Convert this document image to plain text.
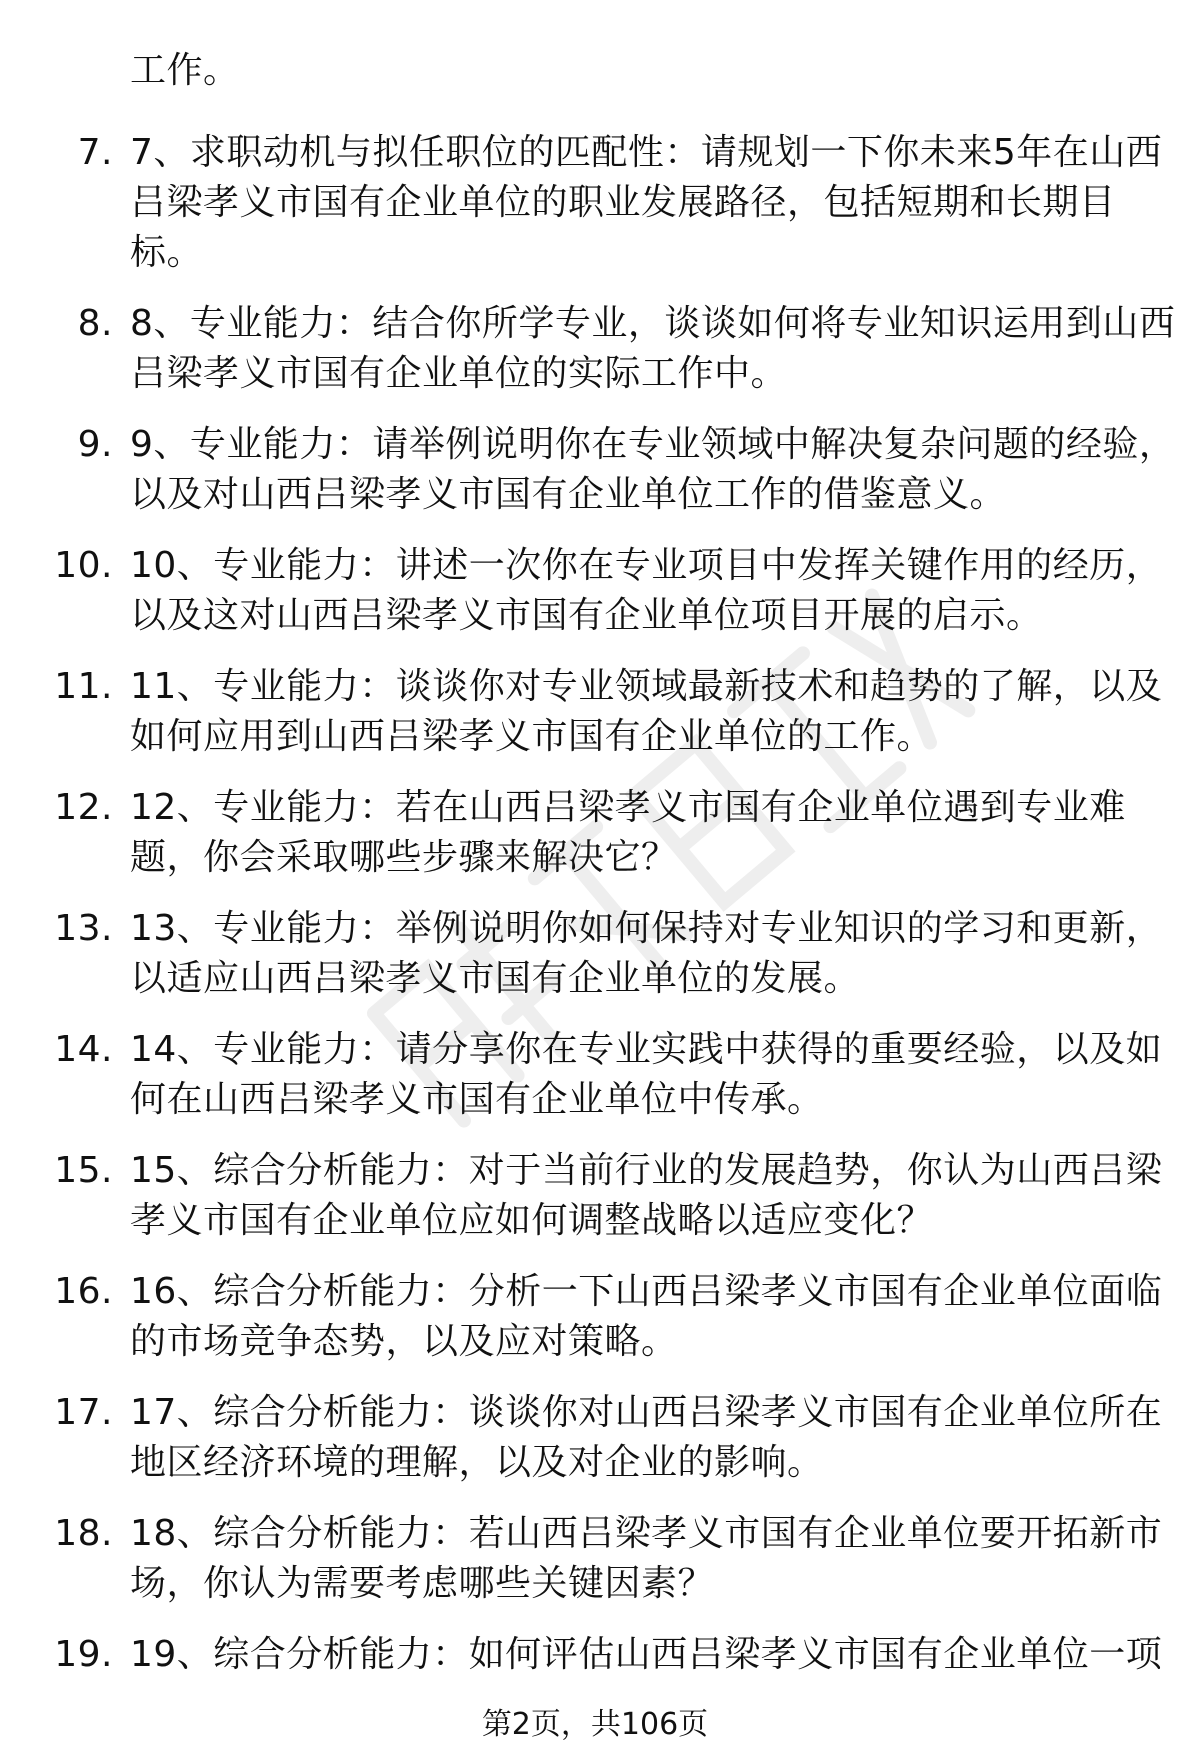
工作。
7. 7、求职动机与拟任职位的匹配性：请规划一下你未来5年在山西
吕梁孝义市国有企业单位的职业发展路径，包括短期和长期目
标。
8. 8、专业能力：结合你所学专业，谈谈如何将专业知识运用到山西
吕梁孝义市国有企业单位的实际工作中。
9. 9、专业能力：请举例说明你在专业领域中解决复杂问题的经验，
以及对山西吕梁孝义市国有企业单位工作的借鉴意义。
10. 10、专业能力：讲述一次你在专业项目中发挥关键作用的经历，
以及这对山西吕梁孝义市国有企业单位项目开展的启示。
11. 11、专业能力：谈谈你对专业领域最新技术和趋势的了解，以及
如何应用到山西吕梁孝义市国有企业单位的工作。
12. 12、专业能力：若在山西吕梁孝义市国有企业单位遇到专业难
题，你会采取哪些步骤来解决它？
13. 13、专业能力：举例说明你如何保持对专业知识的学习和更新，
以适应山西吕梁孝义市国有企业单位的发展。
14. 14、专业能力：请分享你在专业实践中获得的重要经验，以及如
何在山西吕梁孝义市国有企业单位中传承。
15. 15、综合分析能力：对于当前行业的发展趋势，你认为山西吕梁
孝义市国有企业单位应如何调整战略以适应变化？
16. 16、综合分析能力：分析一下山西吕梁孝义市国有企业单位面临
的市场竞争态势，以及应对策略。
17. 17、综合分析能力：谈谈你对山西吕梁孝义市国有企业单位所在
地区经济环境的理解，以及对企业的影响。
18. 18、综合分析能力：若山西吕梁孝义市国有企业单位要开拓新市
场，你认为需要考虑哪些关键因素？
19. 19、综合分析能力：如何评估山西吕梁孝义市国有企业单位一项
第2页，共106页
